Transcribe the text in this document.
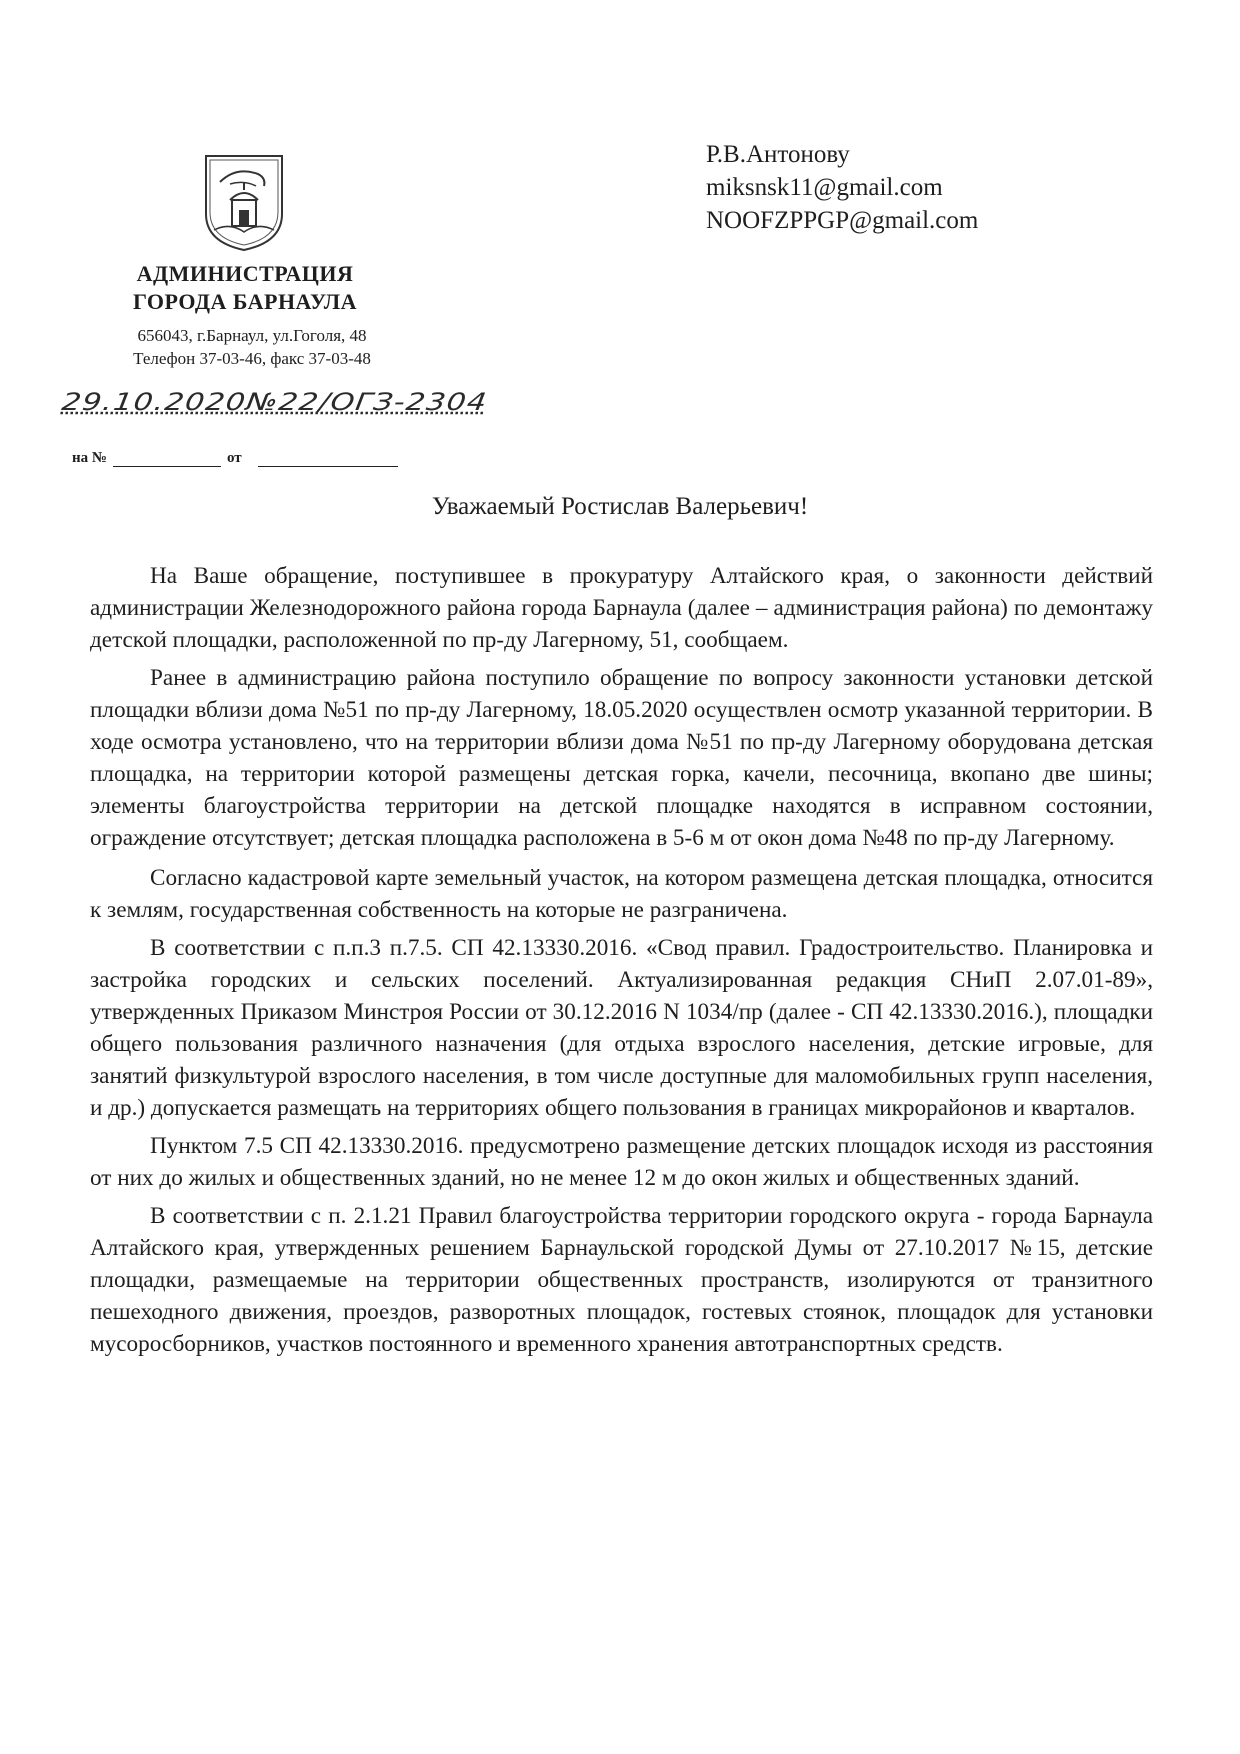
АДМИНИСТРАЦИЯ
ГОРОДА БАРНАУЛА
656043, г.Барнаул, ул.Гоголя, 48
Телефон 37-03-46, факс 37-03-48
29.10.2020№22/ОГЗ-2304
на №	от
Р.В.Антонову
miksnsk11@gmail.com
NOOFZPPGP@gmail.com
Уважаемый Ростислав Валерьевич!

На Ваше обращение, поступившее в прокуратуру Алтайского края, о законности действий администрации Железнодорожного района города Барнаула (далее – администрация района) по демонтажу детской площадки, расположенной по пр-ду Лагерному, 51, сообщаем.

Ранее в администрацию района поступило обращение по вопросу законности установки детской площадки вблизи дома №51 по пр-ду Лагерному, 18.05.2020 осуществлен осмотр указанной территории. В ходе осмотра установлено, что на территории вблизи дома №51 по пр-ду Лагерному оборудована детская площадка, на территории которой размещены детская горка, качели, песочница, вкопано две шины; элементы благоустройства территории на детской площадке находятся в исправном состоянии, ограждение отсутствует; детская площадка расположена в 5-6 м от окон дома №48 по пр-ду Лагерному.

Согласно кадастровой карте земельный участок, на котором размещена детская площадка, относится к землям, государственная собственность на которые не разграничена.

В соответствии с п.п.3 п.7.5. СП 42.13330.2016. «Свод правил. Градостроительство. Планировка и застройка городских и сельских поселений. Актуализированная редакция СНиП 2.07.01-89», утвержденных Приказом Минстроя России от 30.12.2016 N 1034/пр (далее - СП 42.13330.2016.), площадки общего пользования различного назначения (для отдыха взрослого населения, детские игровые, для занятий физкультурой взрослого населения, в том числе доступные для маломобильных групп населения, и др.) допускается размещать на территориях общего пользования в границах микрорайонов и кварталов.

Пунктом 7.5 СП 42.13330.2016. предусмотрено размещение детских площадок исходя из расстояния от них до жилых и общественных зданий, но не менее 12 м до окон жилых и общественных зданий.

В соответствии с п. 2.1.21 Правил благоустройства территории городского округа - города Барнаула Алтайского края, утвержденных решением Барнаульской городской Думы от 27.10.2017 №15, детские площадки, размещаемые на территории общественных пространств, изолируются от транзитного пешеходного движения, проездов, разворотных площадок, гостевых стоянок, площадок для установки мусоросборников, участков постоянного и временного хранения автотранспортных средств.
